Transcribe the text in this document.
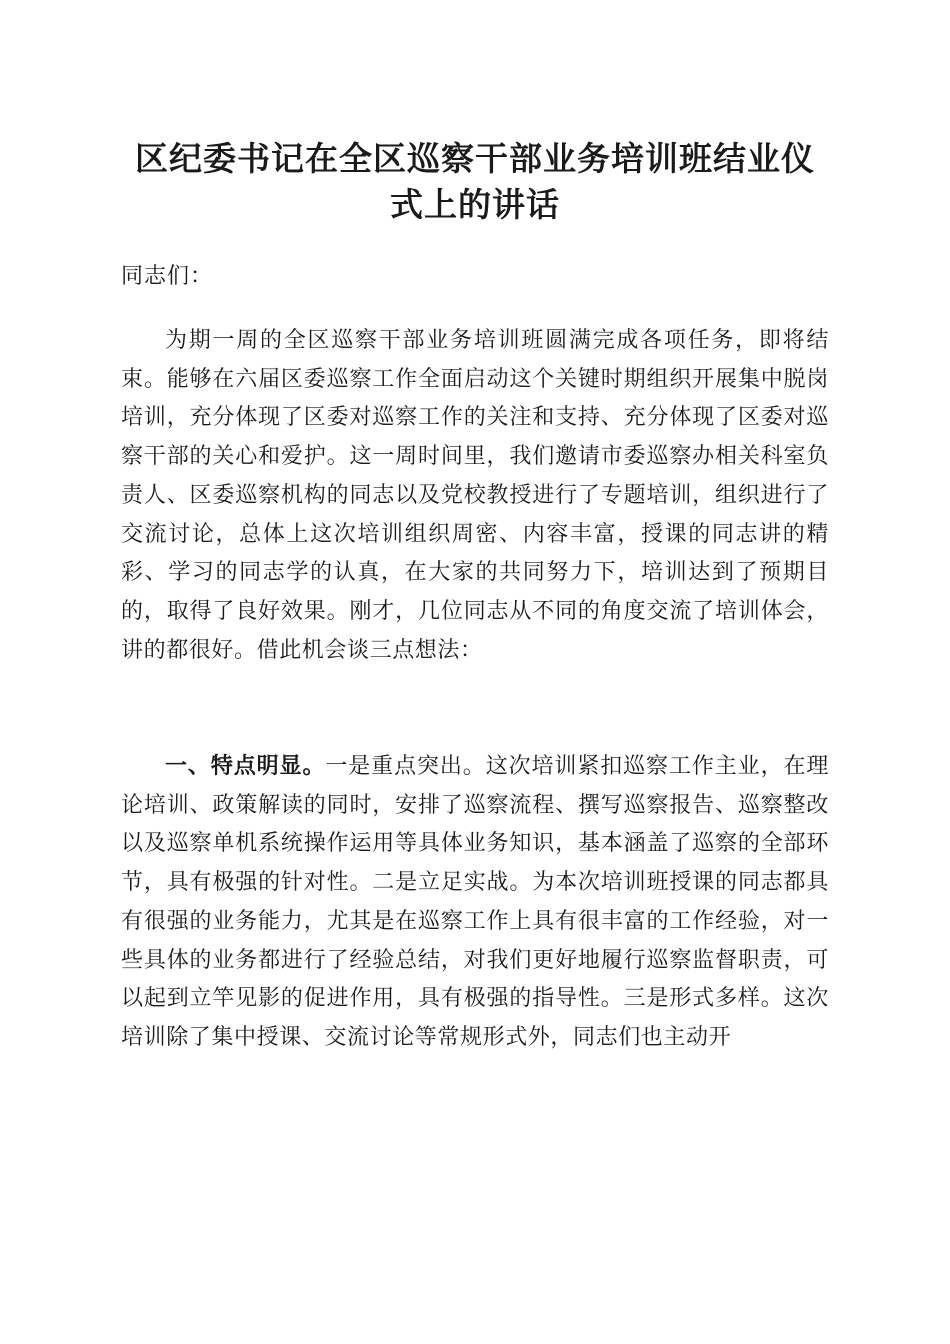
区纪委书记在全区巡察干部业务培训班结业仪
式上的讲话

同志们：

为期一周的全区巡察干部业务培训班圆满完成各项任务，即将结束。能够在六届区委巡察工作全面启动这个关键时期组织开展集中脱岗培训，充分体现了区委对巡察工作的关注和支持、充分体现了区委对巡察干部的关心和爱护。这一周时间里，我们邀请市委巡察办相关科室负责人、区委巡察机构的同志以及党校教授进行了专题培训，组织进行了交流讨论，总体上这次培训组织周密、内容丰富，授课的同志讲的精彩、学习的同志学的认真，在大家的共同努力下，培训达到了预期目的，取得了良好效果。刚才，几位同志从不同的角度交流了培训体会，讲的都很好。借此机会谈三点想法：

一、特点明显。一是重点突出。这次培训紧扣巡察工作主业，在理论培训、政策解读的同时，安排了巡察流程、撰写巡察报告、巡察整改以及巡察单机系统操作运用等具体业务知识，基本涵盖了巡察的全部环节，具有极强的针对性。二是立足实战。为本次培训班授课的同志都具有很强的业务能力，尤其是在巡察工作上具有很丰富的工作经验，对一些具体的业务都进行了经验总结，对我们更好地履行巡察监督职责，可以起到立竿见影的促进作用，具有极强的指导性。三是形式多样。这次培训除了集中授课、交流讨论等常规形式外，同志们也主动开
